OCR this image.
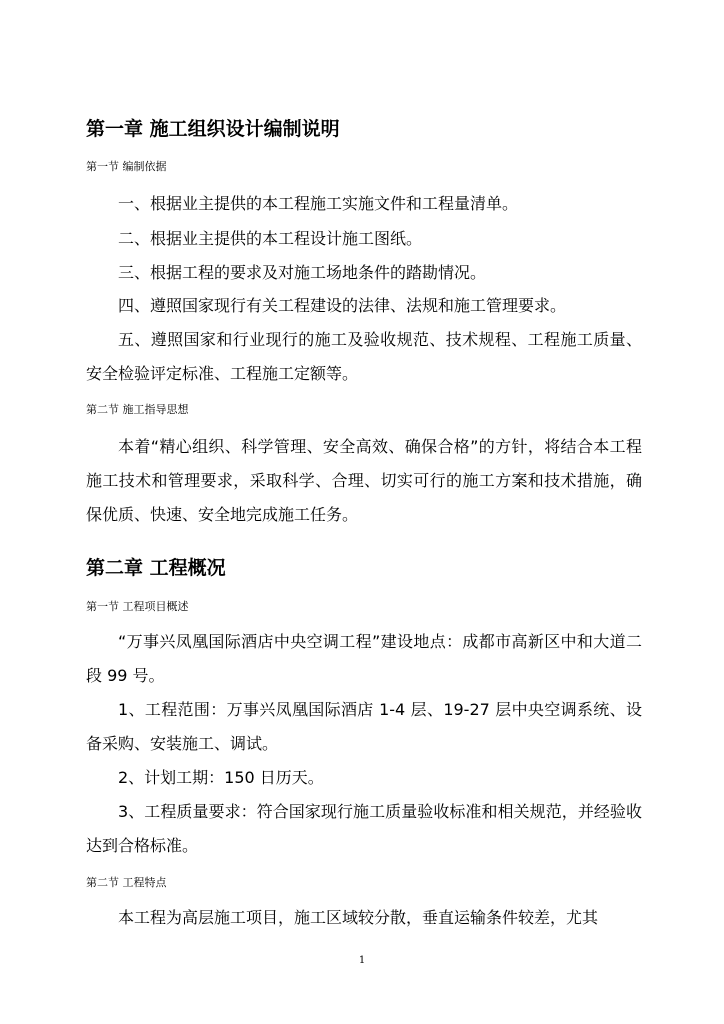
第一章 施工组织设计编制说明
第一节 编制依据

一、根据业主提供的本工程施工实施文件和工程量清单。

二、根据业主提供的本工程设计施工图纸。

三、根据工程的要求及对施工场地条件的踏勘情况。

四、遵照国家现行有关工程建设的法律、法规和施工管理要求。

五、遵照国家和行业现行的施工及验收规范、技术规程、工程施工质量、安全检验评定标准、工程施工定额等。

第二节 施工指导思想

本着“精心组织、科学管理、安全高效、确保合格”的方针，将结合本工程施工技术和管理要求，采取科学、合理、切实可行的施工方案和技术措施，确保优质、快速、安全地完成施工任务。

第二章 工程概况
第一节 工程项目概述

“万事兴凤凰国际酒店中央空调工程”建设地点：成都市高新区中和大道二段 99 号。

1、工程范围：万事兴凤凰国际酒店 1-4 层、19-27 层中央空调系统、设备采购、安装施工、调试。

2、计划工期：150 日历天。

3、工程质量要求：符合国家现行施工质量验收标准和相关规范，并经验收达到合格标准。

第二节 工程特点

本工程为高层施工项目，施工区域较分散，垂直运输条件较差，尤其

1
